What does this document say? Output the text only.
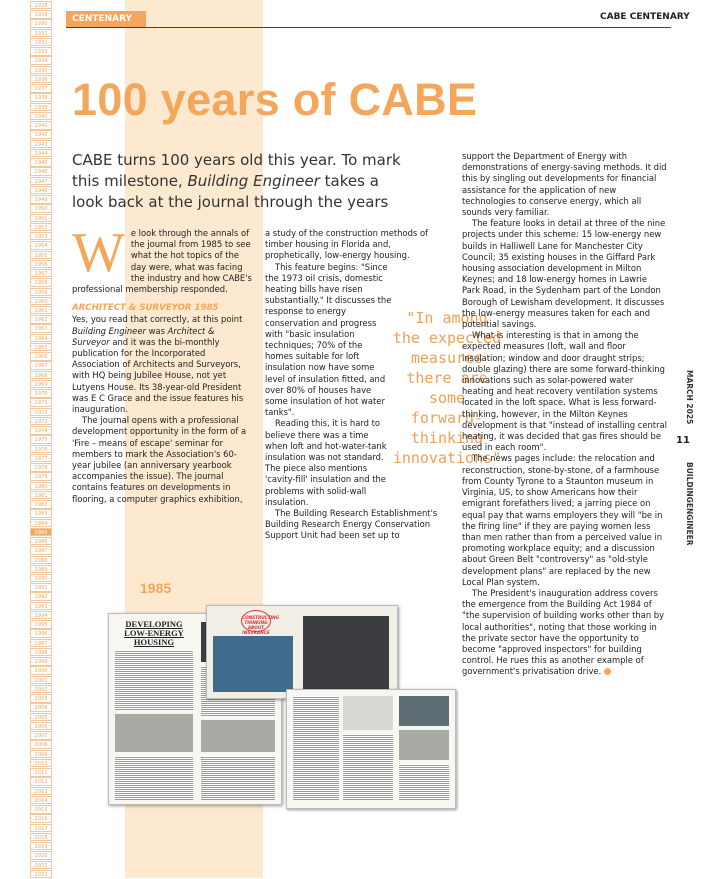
1928
1929
1930
1931
1932
1933
1934
1935
1936
1937
1938
1939
1940
1941
1942
1943
1944
1945
1946
1947
1948
1949
1950
1951
1952
1953
1954
1955
1956
1957
1958
1959
1960
1961
1962
1963
1964
1965
1966
1967
1968
1969
1970
1971
1972
1973
1974
1975
1976
1977
1978
1979
1980
1981
1982
1983
1984
1985
1986
1987
1988
1989
1990
1991
1992
1993
1994
1995
1996
1997
1998
1999
2000
2001
2002
2003
2004
2005
2006
2007
2008
2009
2010
2011
2012
2013
2014
2015
2016
2017
2018
2019
2020
2021
2022
CENTENARY	CABE CENTENARY
100 years of CABE
CABE turns 100 years old this year. To mark this milestone, Building Engineer takes a look back at the journal through the years
W e look through the annals of the journal from 1985 to see what the hot topics of the day were, what was facing the industry and how CABE's professional membership responded.

ARCHITECT & SURVEYOR 1985

Yes, you read that correctly, at this point Building Engineer was Architect & Surveyor and it was the bi-monthly publication for the Incorporated Association of Architects and Surveyors, with HQ being Jubilee House, not yet Lutyens House. Its 38-year-old President was E C Grace and the issue features his inauguration.

The journal opens with a professional development opportunity in the form of a 'Fire – means of escape' seminar for members to mark the Association's 60-year jubilee (an anniversary yearbook accompanies the issue). The journal contains features on developments in flooring, a computer graphics exhibition,

a study of the construction methods of timber housing in Florida and, prophetically, low-energy housing.

This feature begins: "Since the 1973 oil crisis, domestic heating bills have risen substantially." It discusses the response to energy conservation and progress with "basic insulation techniques; 70% of the homes suitable for loft insulation now have some level of insulation fitted, and over 80% of houses have some insulation of hot water tanks".

Reading this, it is hard to believe there was a time when loft and hot-water-tank insulation was not standard. The piece also mentions 'cavity-fill' insulation and the problems with solid-wall insulation.

The Building Research Establishment's Building Research Energy Conservation Support Unit had been set up to

"In among the expected measures there are some forward-thinking innovations"

support the Department of Energy with demonstrations of energy-saving methods. It did this by singling out developments for financial assistance for the application of new technologies to conserve energy, which all sounds very familiar.

The feature looks in detail at three of the nine projects under this scheme: 15 low-energy new builds in Halliwell Lane for Manchester City Council; 35 existing houses in the Giffard Park housing association development in Milton Keynes; and 18 low-energy homes in Lawrie Park Road, in the Sydenham part of the London Borough of Lewisham development. It discusses the low-energy measures taken for each and potential savings.

What is interesting is that in among the expected measures (loft, wall and floor insulation; window and door draught strips; double glazing) there are some forward-thinking innovations such as solar-powered water heating and heat recovery ventilation systems located in the loft space. What is less forward-thinking, however, in the Milton Keynes development is that "instead of installing central heating, it was decided that gas fires should be used in each room".

The news pages include: the relocation and reconstruction, stone-by-stone, of a farmhouse from County Tyrone to a Staunton museum in Virginia, US, to show Americans how their emigrant forefathers lived; a jarring piece on equal pay that warns employers they will "be in the firing line" if they are paying women less than men rather than from a perceived value in promoting workplace equity; and a discussion about Green Belt "controversy" as "old-style development plans" are replaced by the new Local Plan system.

The President's inauguration address covers the emergence from the Building Act 1984 of "the supervision of building works other than by local authorities", noting that those working in the private sector have the opportunity to become "approved inspectors" for building control. He rues this as another example of government's privatisation drive.

11
MARCH 2025
BUILDINGENGINEER
1985
DEVELOPING
LOW-ENERGY
HOUSING
CONSTRUCTING THINKING ABOUT INSURANCE
